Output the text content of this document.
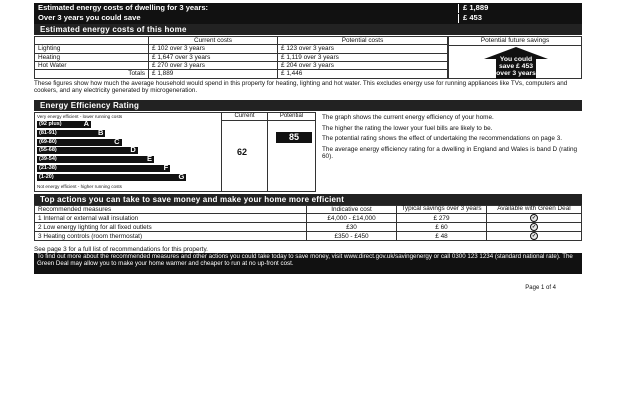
Estimated energy costs of dwelling for 3 years:	£ 1,889
Over 3 years you could save	£ 453
Estimated energy costs of this home
	Current costs	Potential costs
Lighting	£ 102 over 3 years	£ 123 over 3 years
Heating	£ 1,647 over 3 years	£ 1,119 over 3 years
Hot Water	£ 270 over 3 years	£ 204 over 3 years
Totals	£ 1,889	£ 1,446
Potential future savings
You could
save £ 453
over 3 years

These figures show how much the average household would spend in this property for heating, lighting and hot water. This excludes energy use for running appliances like TVs, computers and cookers, and any electricity generated by microgeneration.

Energy Efficiency Rating
Very energy efficient - lower running costs
(92 plus)	A
(81-91)	B
(69-80)	C
(55-68)	D
(39-54)	E
(21-38)	F
(1-20)	G
Not energy efficient - higher running costs
Current
62
Potential
85

The graph shows the current energy efficiency of your home.

The higher the rating the lower your fuel bills are likely to be.

The potential rating shows the effect of undertaking the recommendations on page 3.

The average energy efficiency rating for a dwelling in England and Wales is band D (rating 60).

Top actions you can take to save money and make your home more efficient
Recommended measures	Indicative cost	Typical savings over 3 years	Available with Green Deal
1 Internal or external wall insulation	£4,000 - £14,000	£ 279	✓
2 Low energy lighting for all fixed outlets	£30	£ 60	✓
3 Heating controls (room thermostat)	£350 - £450	£ 48	✓
See page 3 for a full list of recommendations for this property.
To find out more about the recommended measures and other actions you could take today to save money, visit www.direct.gov.uk/savingenergy or call 0300 123 1234 (standard national rate). The Green Deal may allow you to make your home warmer and cheaper to run at no up-front cost.
Page 1 of 4
